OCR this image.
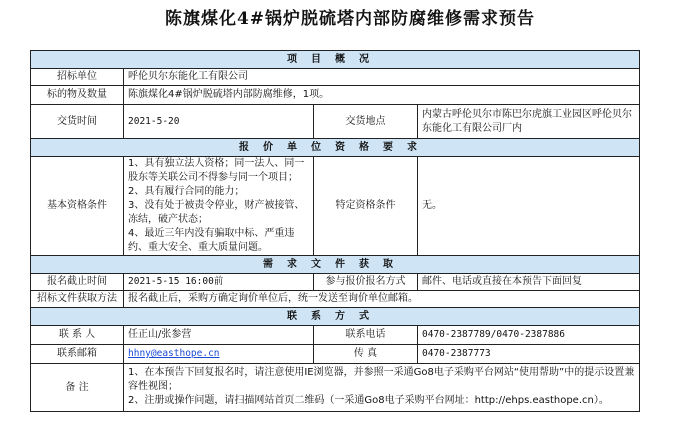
陈旗煤化4#锅炉脱硫塔内部防腐维修需求预告
项目概况			
招标单位	呼伦贝尔东能化工有限公司		
标的物及数量	陈旗煤化4#锅炉脱硫塔内部防腐维修，1项。		
交货时间	2021-5-20	交货地点	内蒙古呼伦贝尔市陈巴尔虎旗工业园区呼伦贝尔东能化工有限公司厂内
报价单位资格要求			
基本资格条件	1、具有独立法人资格；同一法人、同一股东等关联公司不得参与同一个项目；
2、具有履行合同的能力；
3、没有处于被责令停业，财产被接管、冻结，破产状态；
4、最近三年内没有骗取中标、严重违约、重大安全、重大质量问题。	特定资格条件	无。
需求文件获取			
报名截止时间	2021-5-15 16:00前	参与报价报名方式	邮件、电话或直接在本预告下面回复
招标文件获取方法	报名截止后，采购方确定询价单位后，统一发送至询价单位邮箱。		
联系方式			
联 系 人	任正山/张参营	联系电话	0470-2387789/0470-2387886
联系邮箱	hhny@easthope.cn	传 真	0470-2387773
备 注	1、在本预告下回复报名时，请注意使用IE浏览器，并参照一采通Go8电子采购平台网站“使用帮助”中的提示设置兼容性视图；
2、注册或操作问题，请扫描网站首页二维码（一采通Go8电子采购平台网址：http://ehps.easthope.cn）。		
